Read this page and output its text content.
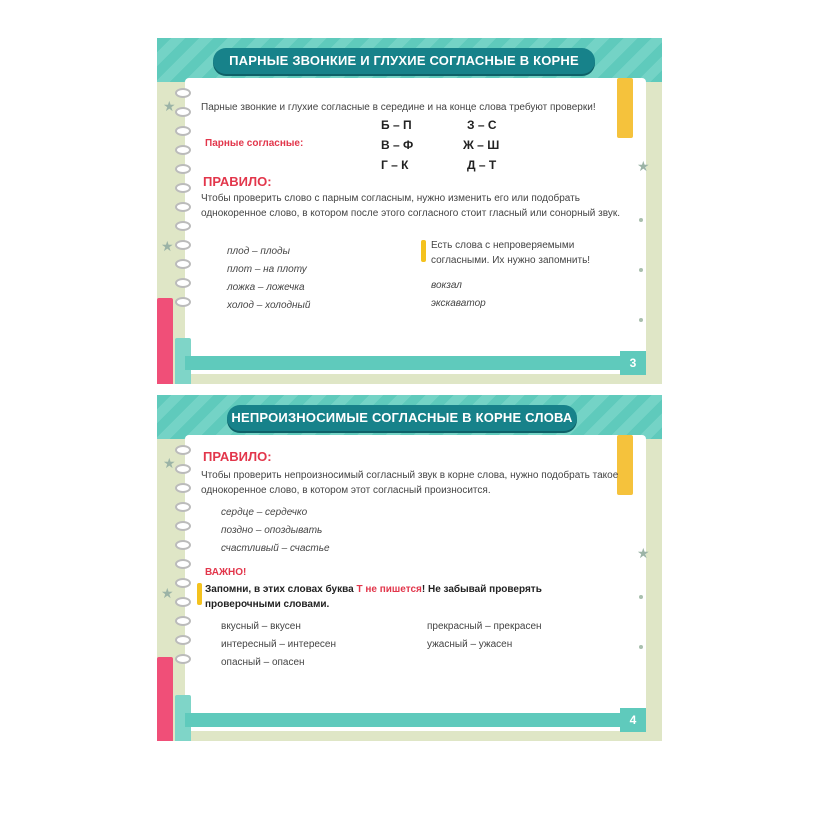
★
★
★
ПАРНЫЕ ЗВОНКИЕ И ГЛУХИЕ СОГЛАСНЫЕ В КОРНЕ СЛОВА
Парные звонкие и глухие согласные в середине и на конце слова требуют проверки!
Парные согласные:
Б – П	З – С
В – Ф	Ж – Ш
Г – К	Д – Т
ПРАВИЛО:
Чтобы проверить слово с парным согласным, нужно изменить его или подобрать
однокоренное слово, в котором после этого согласного стоит гласный или сонорный звук.
плод – плоды
плот – на плоту
ложка – ложечка
холод – холодный
Есть слова с непроверяемыми
согласными. Их нужно запомнить!
вокзал
экскаватор
3
★
★
★
НЕПРОИЗНОСИМЫЕ СОГЛАСНЫЕ В КОРНЕ СЛОВА
ПРАВИЛО:
Чтобы проверить непроизносимый согласный звук в корне слова, нужно подобрать такое
однокоренное слово, в котором этот согласный произносится.
сердце – сердечко
поздно – опоздывать
счастливый – счастье
ВАЖНО!
Запомни, в этих словах буква Т не пишется! Не забывай проверять
проверочными словами.
вкусный – вкусен
интересный – интересен
опасный – опасен
прекрасный – прекрасен
ужасный – ужасен
4
